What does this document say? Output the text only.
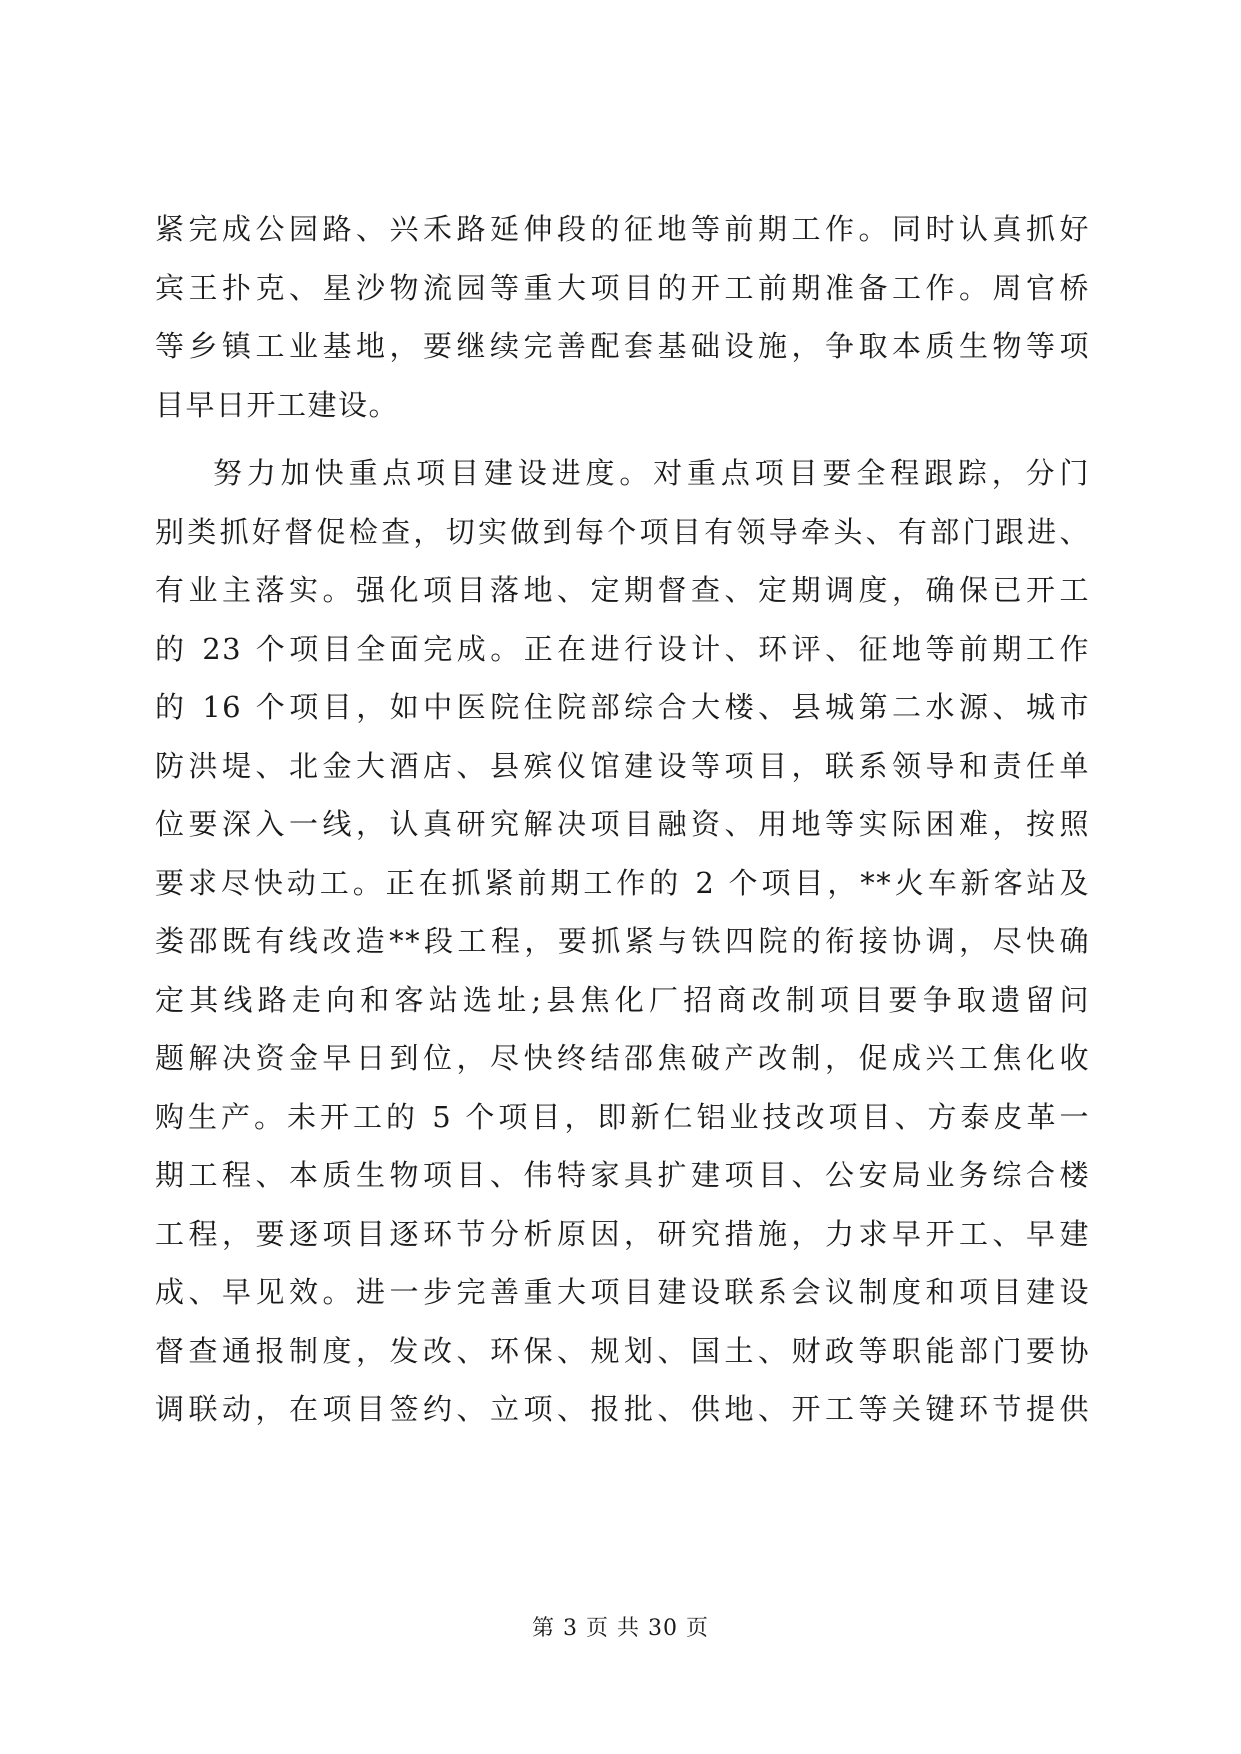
紧完成公园路、兴禾路延伸段的征地等前期工作。同时认真抓好
宾王扑克、星沙物流园等重大项目的开工前期准备工作。周官桥
等乡镇工业基地，要继续完善配套基础设施，争取本质生物等项
目早日开工建设。
努力加快重点项目建设进度。对重点项目要全程跟踪，分门
别类抓好督促检查，切实做到每个项目有领导牵头、有部门跟进、
有业主落实。强化项目落地、定期督查、定期调度，确保已开工
的 23 个项目全面完成。正在进行设计、环评、征地等前期工作
的 16 个项目，如中医院住院部综合大楼、县城第二水源、城市
防洪堤、北金大酒店、县殡仪馆建设等项目，联系领导和责任单
位要深入一线，认真研究解决项目融资、用地等实际困难，按照
要求尽快动工。正在抓紧前期工作的 2 个项目，**火车新客站及
娄邵既有线改造**段工程，要抓紧与铁四院的衔接协调，尽快确
定其线路走向和客站选址;县焦化厂招商改制项目要争取遗留问
题解决资金早日到位，尽快终结邵焦破产改制，促成兴工焦化收
购生产。未开工的 5 个项目，即新仁铝业技改项目、方泰皮革一
期工程、本质生物项目、伟特家具扩建项目、公安局业务综合楼
工程，要逐项目逐环节分析原因，研究措施，力求早开工、早建
成、早见效。进一步完善重大项目建设联系会议制度和项目建设
督查通报制度，发改、环保、规划、国土、财政等职能部门要协
调联动，在项目签约、立项、报批、供地、开工等关键环节提供
第 3 页 共 30 页
